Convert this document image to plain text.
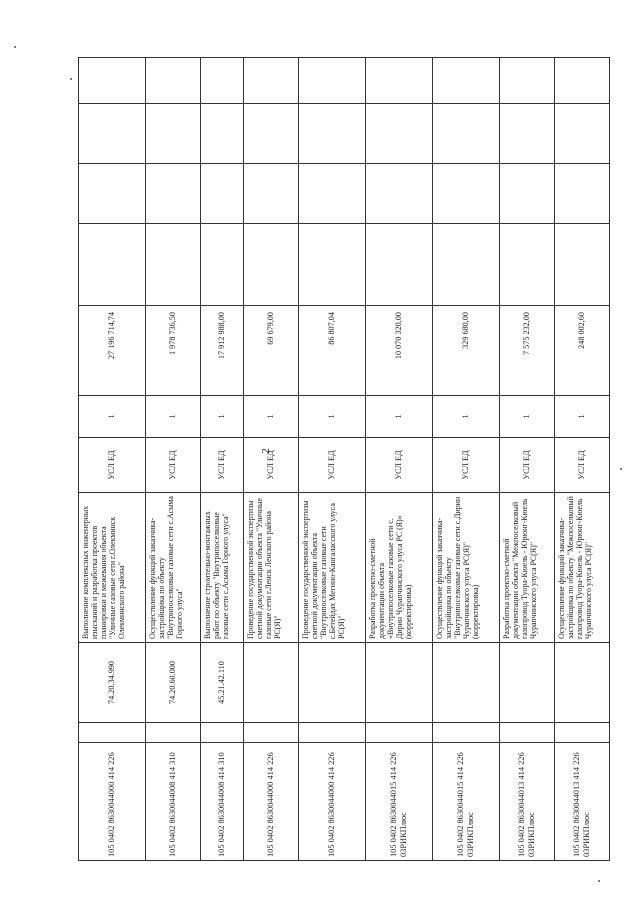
2
105 0402 8630044000 414 226		74.20.34.990	Выполнение комплексных инженерных изысканий и разработка проектов планировки и межевания объекта "Уличные газовые сети г.Олекминск Олекминского района"	УСЛ ЕД	1	27 196 714,74				
105 0402 8630044008 414 310		74.20.60.000	Осуществление функций заказчика-застройщика по объекту "Внутрипоселковые газовые сети с.Асыма Горного улуса"	УСЛ ЕД	1	1 978 736,50				
105 0402 8630044008 414 310		45.21.42.110	Выполнение строительно-монтажных работ по объекту "Внутрипоселковые газовые сети с.Асыма Горного улуса"	УСЛ ЕД	1	17 912 988,00				
105 0402 8630044000 414 226			Проведение государственной экспертизы сметной документации объекта "Уличные газовые сети г.Ленск Ленского района РС(Я)"	УСЛ ЕД	1	69 679,00				
105 0402 8630044000 414 226			Проведение государственной экспертизы сметной документации объекта "Внутрипоселковые газовые сети с.Бетейдах Мегино-Кангаласского улуса РС(Я)"	УСЛ ЕД	1	86 807,04				
105 0402 8630044015 414 226 03РИКПлюс			Разработка проектно-сметной документации объекта «Внутрипоселковые газовые сети с. Дирин Чурапчинского улуса РС (Я)» (корректировка)	УСЛ ЕД	1	10 070 320,00				
105 0402 8630044015 414 226 03РИКПлюс			Осуществление функций заказчика-застройщика по объекту "Внутрипоселковые газовые сети с.Дирин Чурапчинского улуса РС(Я)" (корректировка)	УСЛ ЕД	1	329 680,00				
105 0402 8630044013 414 226 03РИКПлюс			Разработка проектно-сметной документации объекта "Межпоселковый газопровод Туора-Кюель - Юрюнг-Кюель Чурапчинского улуса РС(Я)"	УСЛ ЕД	1	7 575 232,00				
105 0402 8630044013 414 226 03РИКПлюс			Осуществление функций заказчика-застройщика по объекту "Межпоселковый газопровод Туора-Кюель - Юрюнг-Кюель Чурапчинского улуса РС(Я)"	УСЛ ЕД	1	248 002,60				
